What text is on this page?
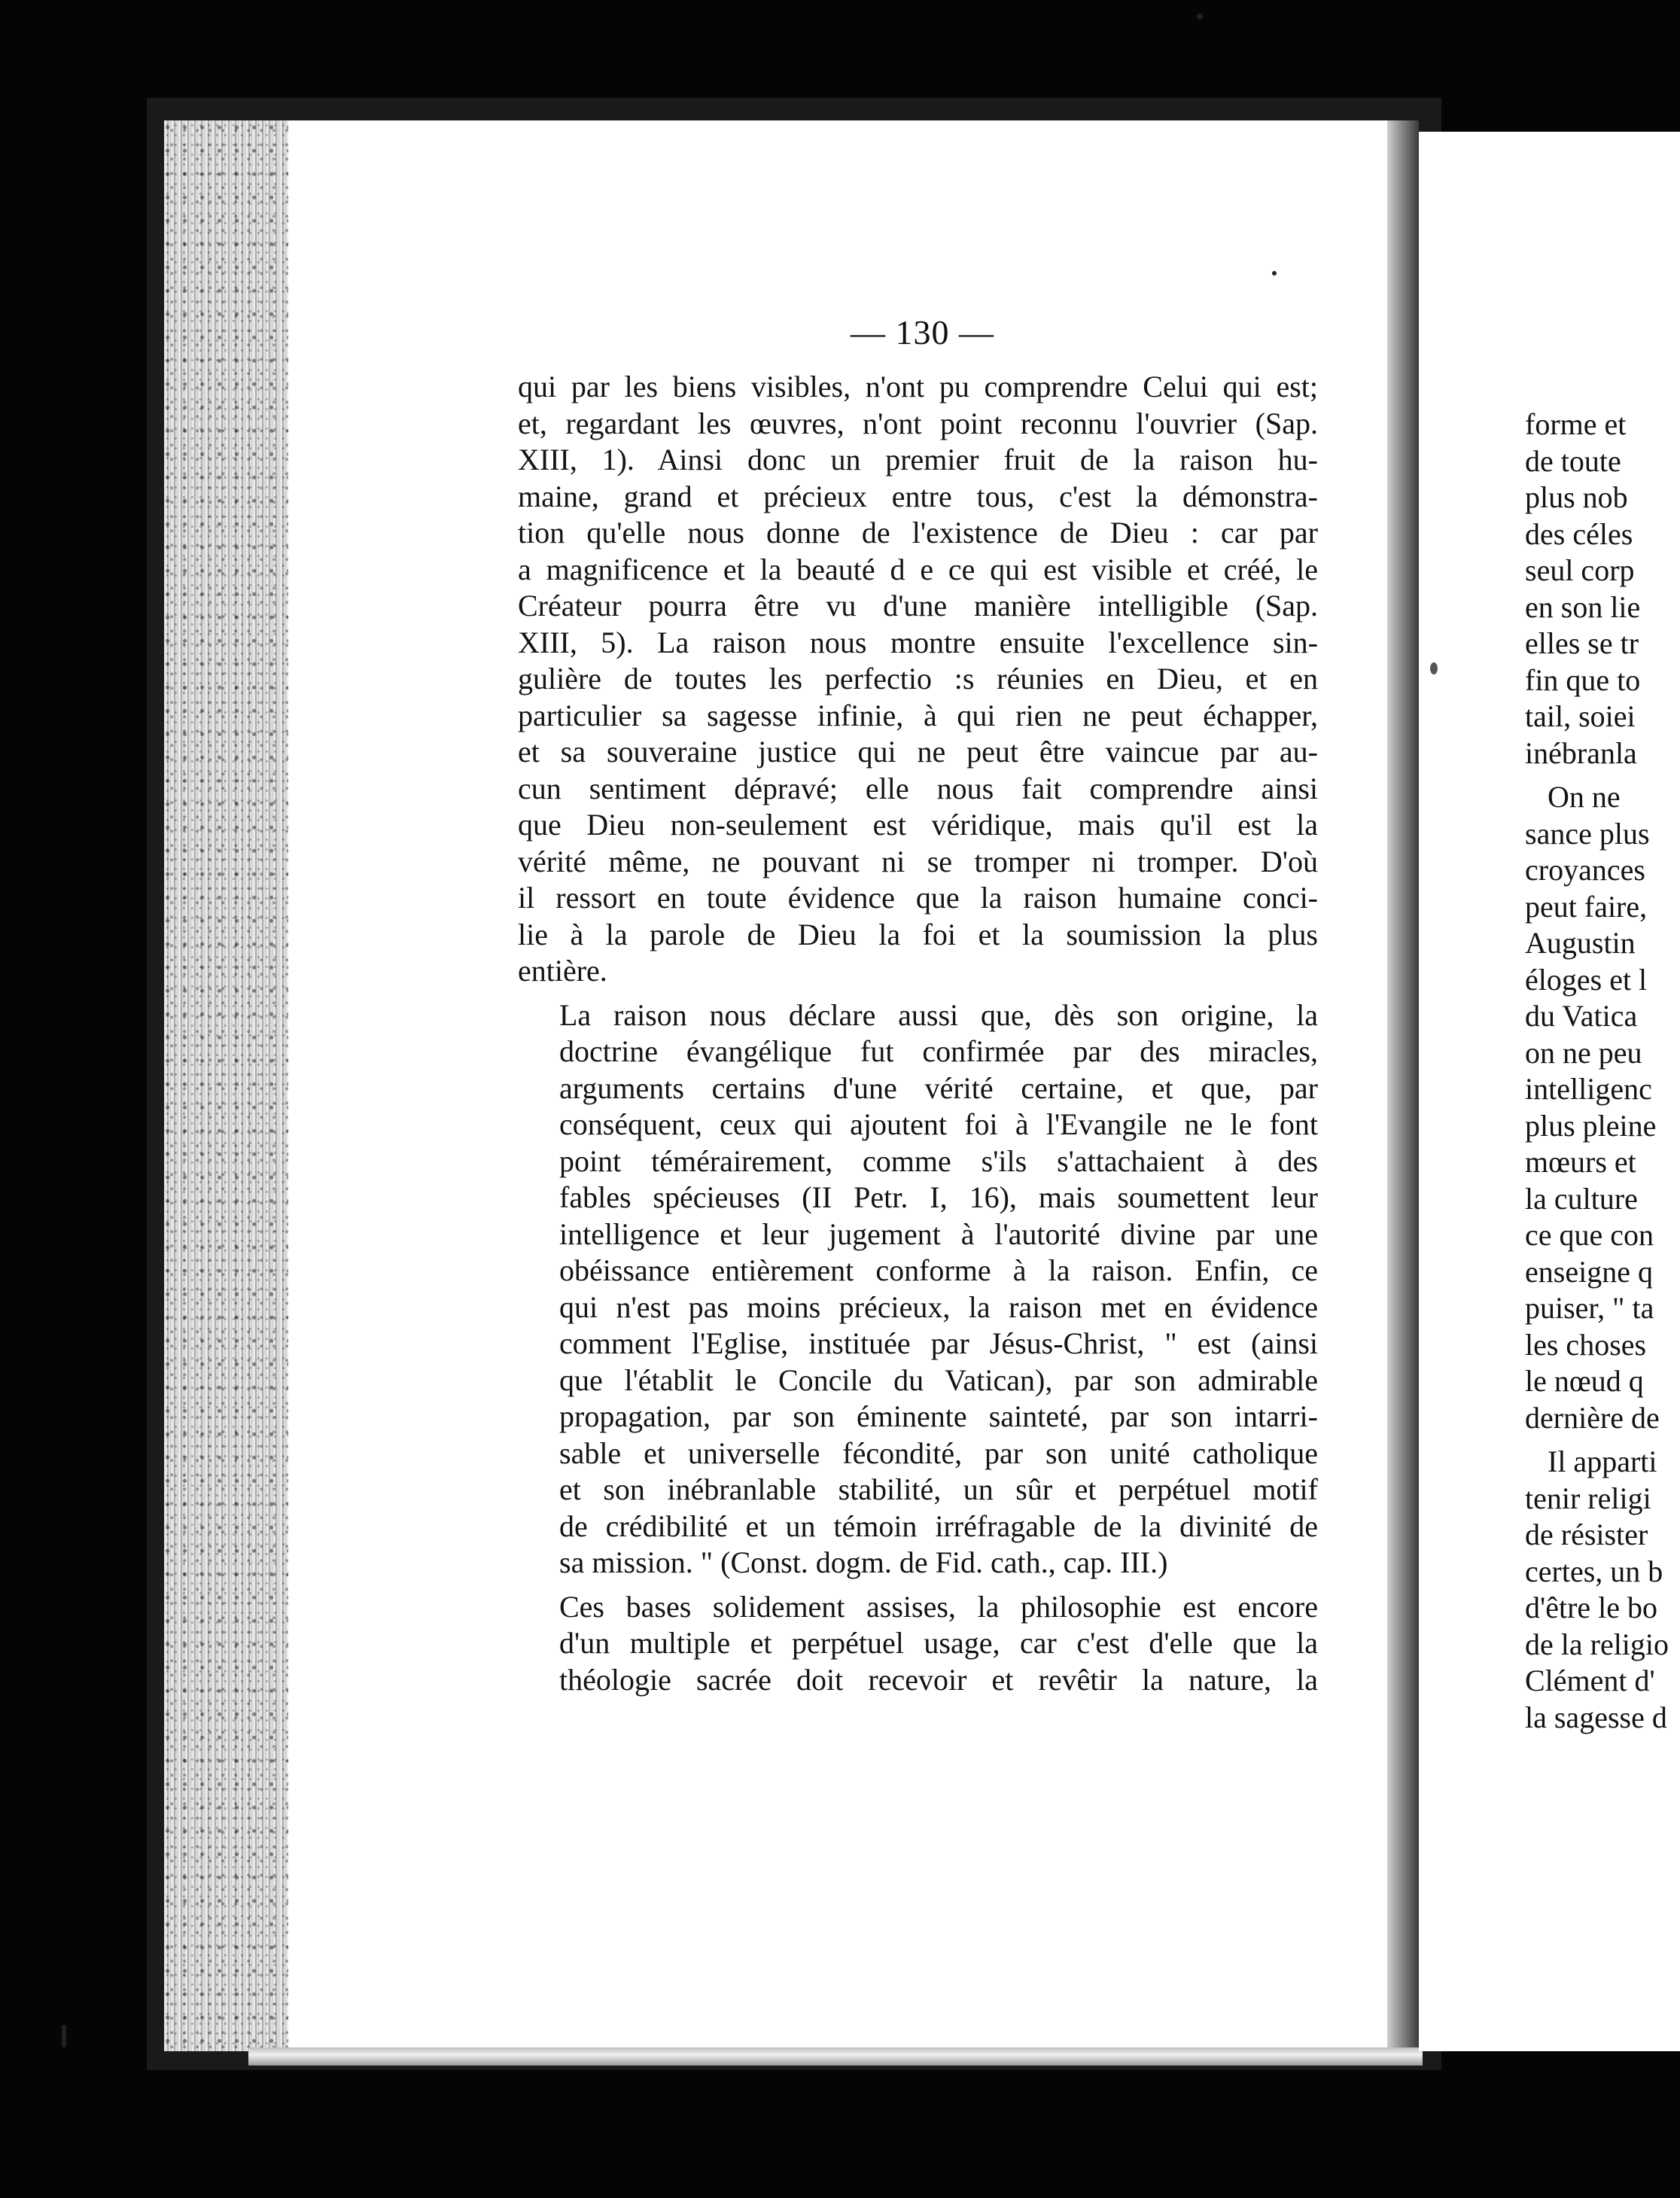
— 130 —

qui par les biens visibles, n'ont pu comprendre Celui qui est;
et, regardant les œuvres, n'ont point reconnu l'ouvrier (Sap.
XIII, 1). Ainsi donc un premier fruit de la raison hu-
maine, grand et précieux entre tous, c'est la démonstra-
tion qu'elle nous donne de l'existence de Dieu : car par
a magnificence et la beauté d e ce qui est visible et créé, le
Créateur pourra être vu d'une manière intelligible (Sap.
XIII, 5). La raison nous montre ensuite l'excellence sin-
gulière de toutes les perfectio :s réunies en Dieu, et en
particulier sa sagesse infinie, à qui rien ne peut échapper,
et sa souveraine justice qui ne peut être vaincue par au-
cun sentiment dépravé; elle nous fait comprendre ainsi
que Dieu non-seulement est véridique, mais qu'il est la
vérité même, ne pouvant ni se tromper ni tromper. D'où
il ressort en toute évidence que la raison humaine conci-
lie à la parole de Dieu la foi et la soumission la plus
entière.

La raison nous déclare aussi que, dès son origine, la
doctrine évangélique fut confirmée par des miracles,
arguments certains d'une vérité certaine, et que, par
conséquent, ceux qui ajoutent foi à l'Evangile ne le font
point témérairement, comme s'ils s'attachaient à des
fables spécieuses (II Petr. I, 16), mais soumettent leur
intelligence et leur jugement à l'autorité divine par une
obéissance entièrement conforme à la raison. Enfin, ce
qui n'est pas moins précieux, la raison met en évidence
comment l'Eglise, instituée par Jésus-Christ, " est (ainsi
que l'établit le Concile du Vatican), par son admirable
propagation, par son éminente sainteté, par son intarri-
sable et universelle fécondité, par son unité catholique
et son inébranlable stabilité, un sûr et perpétuel motif
de crédibilité et un témoin irréfragable de la divinité de
sa mission. " (Const. dogm. de Fid. cath., cap. III.)

Ces bases solidement assises, la philosophie est encore
d'un multiple et perpétuel usage, car c'est d'elle que la
théologie sacrée doit recevoir et revêtir la nature, la

forme et
de toute
plus nob
des céles
seul corp
en son lie
elles se tr
fin que to
tail, soiei
inébranla
On ne
sance plus
croyances
peut faire,
Augustin
éloges et l
du Vatica
on ne peu
intelligenc
plus pleine
mœurs et
la culture
ce que con
enseigne q
puiser, " ta
les choses
le nœud q
dernière de
Il apparti
tenir religi
de résister
certes, un b
d'être le bo
de la religio
Clément d'
la sagesse d
